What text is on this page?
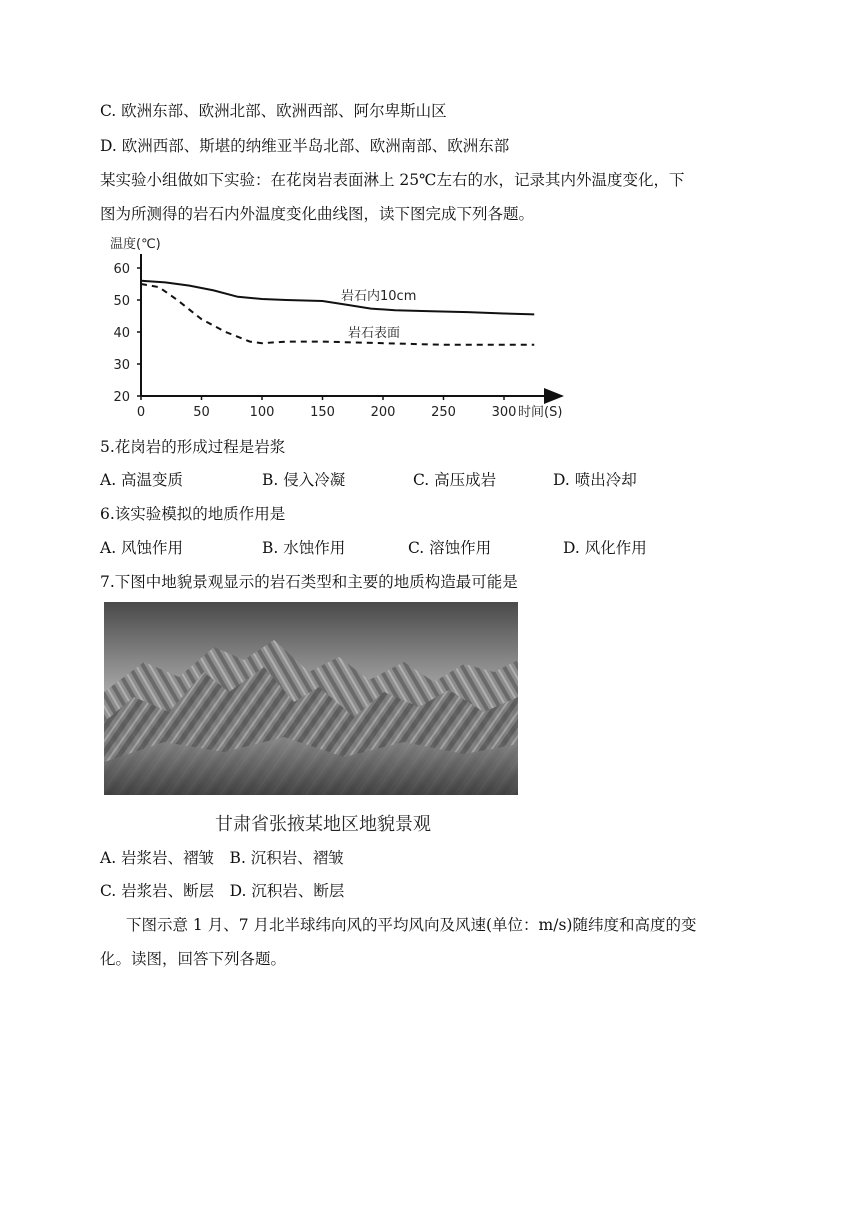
C. 欧洲东部、欧洲北部、欧洲西部、阿尔卑斯山区
D. 欧洲西部、斯堪的纳维亚半岛北部、欧洲南部、欧洲东部
某实验小组做如下实验：在花岗岩表面淋上 25℃左右的水，记录其内外温度变化，下
图为所测得的岩石内外温度变化曲线图，读下图完成下列各题。
20
30
40
50
60
0	50	100	150	200	250	300
温度(℃)
时间(S)
岩石内10cm
岩石表面
5.花岗岩的形成过程是岩浆
A. 高温变质	B. 侵入冷凝	C. 高压成岩	D. 喷出冷却
6.该实验模拟的地质作用是
A. 风蚀作用	B. 水蚀作用	C. 溶蚀作用	D. 风化作用
7.下图中地貌景观显示的岩石类型和主要的地质构造最可能是
甘肃省张掖某地区地貌景观
A. 岩浆岩、褶皱　B. 沉积岩、褶皱
C. 岩浆岩、断层　D. 沉积岩、断层
下图示意 1 月、7 月北半球纬向风的平均风向及风速(单位：m/s)随纬度和高度的变
化。读图，回答下列各题。
